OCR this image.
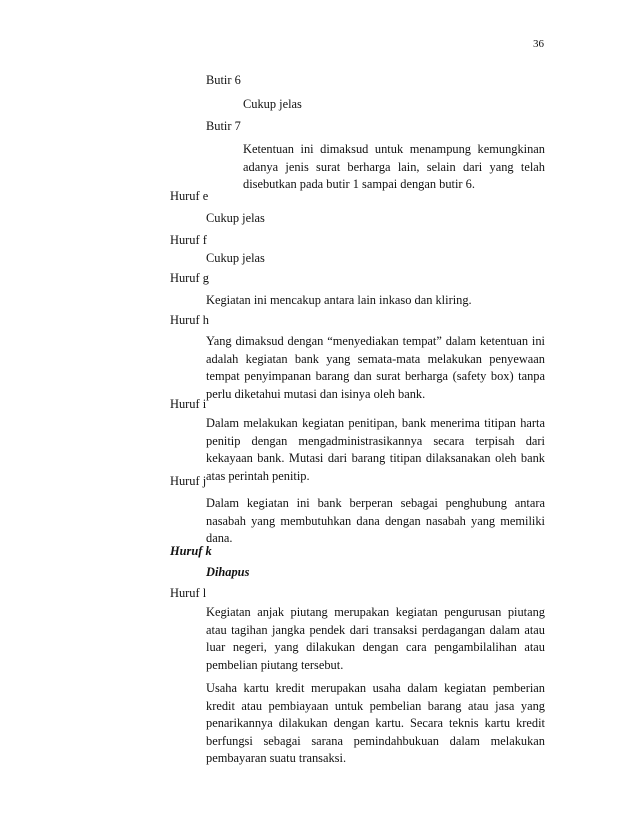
36
Butir 6
Cukup jelas
Butir 7
Ketentuan ini dimaksud untuk menampung kemungkinan adanya jenis surat berharga lain, selain dari yang telah disebutkan pada butir 1 sampai dengan butir 6.
Huruf e
Cukup jelas
Huruf f
Cukup jelas
Huruf g
Kegiatan ini mencakup antara lain inkaso dan kliring.
Huruf h
Yang dimaksud dengan “menyediakan tempat” dalam ketentuan ini adalah kegiatan bank yang semata-mata melakukan penyewaan tempat penyimpanan barang dan surat berharga (safety box) tanpa perlu diketahui mutasi dan isinya oleh bank.
Huruf i
Dalam melakukan kegiatan penitipan, bank menerima titipan harta penitip dengan mengadministrasikannya secara terpisah dari kekayaan bank. Mutasi dari barang titipan dilaksanakan oleh bank atas perintah penitip.
Huruf j
Dalam kegiatan ini bank berperan sebagai penghubung antara nasabah yang membutuhkan dana dengan nasabah yang memiliki dana.
Huruf k
Dihapus
Huruf l
Kegiatan anjak piutang merupakan kegiatan pengurusan piutang atau tagihan jangka pendek dari transaksi perdagangan dalam atau luar negeri, yang dilakukan dengan cara pengambilalihan atau pembelian piutang tersebut.
Usaha kartu kredit merupakan usaha dalam kegiatan pemberian kredit atau pembiayaan untuk pembelian barang atau jasa yang penarikannya dilakukan dengan kartu. Secara teknis kartu kredit berfungsi sebagai sarana pemindahbukuan dalam melakukan pembayaran suatu transaksi.
